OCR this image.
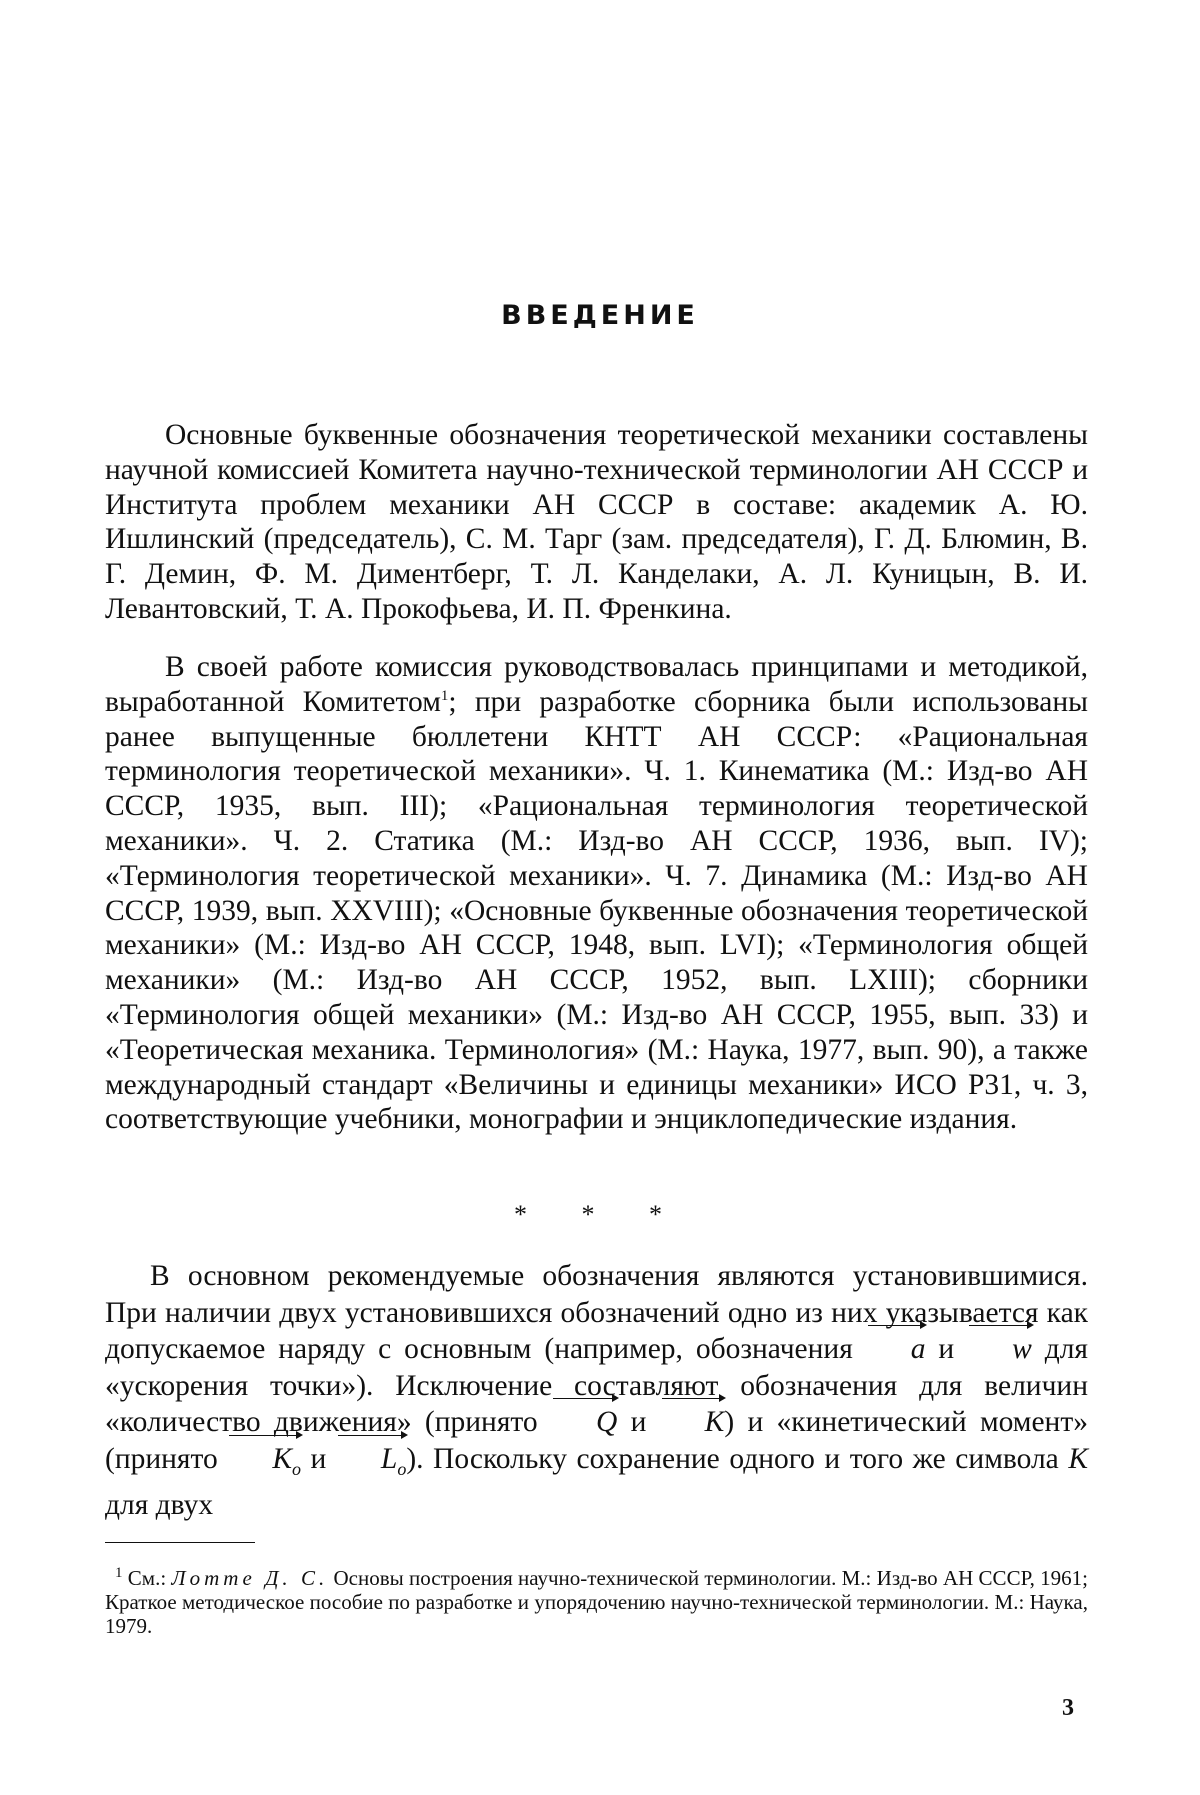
ВВЕДЕНИЕ

Основные буквенные обозначения теоретической механики составлены научной комиссией Комитета научно-технической терминологии АН СССР и Института проблем механики АН СССР в составе: академик А. Ю. Ишлинский (председатель), С. М. Тарг (зам. председателя), Г. Д. Блюмин, В. Г. Демин, Ф. М. Диментберг, Т. Л. Канделаки, А. Л. Куницын, В. И. Левантовский, Т. А. Прокофьева, И. П. Френкина.

В своей работе комиссия руководствовалась принципами и методикой, выработанной Комитетом$^1$; при разработке сборника были использованы ранее выпущенные бюллетени КНТТ АН СССР: «Рациональная терминология теоретической механики». Ч. 1. Кинематика (М.: Изд-во АН СССР, 1935, вып. III); «Рациональная терминология теоретической механики». Ч. 2. Статика (М.: Изд-во АН СССР, 1936, вып. IV); «Терминология теоретической механики». Ч. 7. Динамика (М.: Изд-во АН СССР, 1939, вып. XXVIII); «Основные буквенные обозначения теоретической механики» (М.: Изд-во АН СССР, 1948, вып. LVI); «Терминология общей механики» (М.: Изд-во АН СССР, 1952, вып. LXIII); сборники «Терминология общей механики» (М.: Изд-во АН СССР, 1955, вып. 33) и «Теоретическая механика. Терминология» (М.: Наука, 1977, вып. 90), а также международный стандарт «Величины и единицы механики» ИСО Р31, ч. 3, соответствующие учебники, монографии и энциклопедические издания.

* * *

В основном рекомендуемые обозначения являются установившимися. При наличии двух установившихся обозначений одно из них указывается как допускаемое наряду с основным (например, обозначения a и w для «ускорения точки»). Исключение составляют обозначения для величин «количество движения» (принято Q и K) и «кинетический момент» (принято $K_o$ и $L_o$). Поскольку сохранение одного и того же символа K для двух

$^1$ См.: Лотте Д. С. Основы построения научно-технической терминологии. М.: Изд-во АН СССР, 1961; Краткое методическое пособие по разработке и упорядочению научно-технической терминологии. М.: Наука, 1979.

3
